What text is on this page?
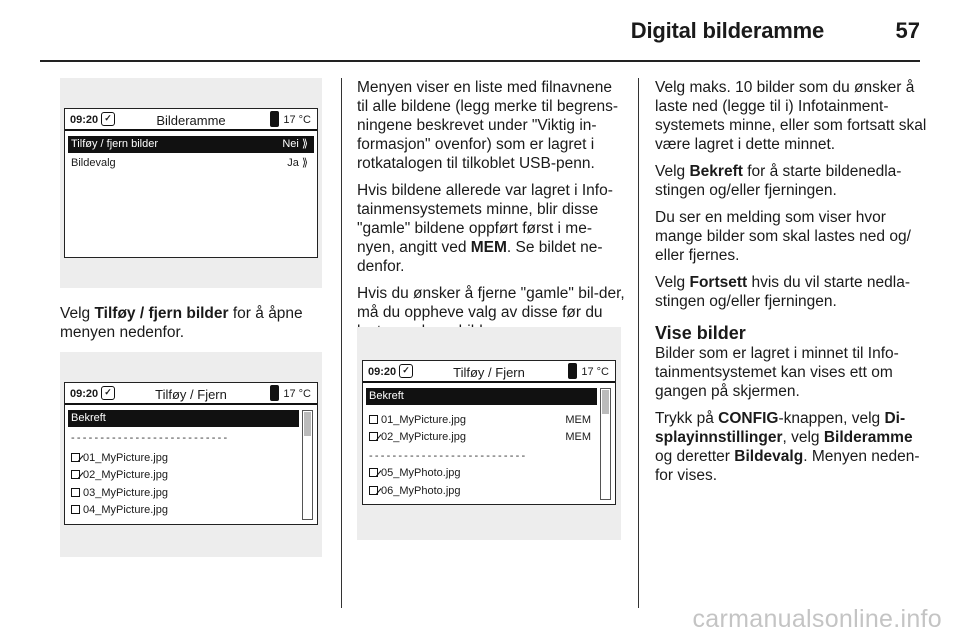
Digital bilderamme	57
09:20 ✓	Bilderamme	17 °C
Tilføy / fjern bilder	Nei ⟫
Bildevalg	Ja ⟫

Velg Tilføy / fjern bilder for å åpne menyen nedenfor.

09:20 ✓	Tilføy / Fjern	17 °C
Bekreft
---------------------------
01_MyPicture.jpg
02_MyPicture.jpg
03_MyPicture.jpg
04_MyPicture.jpg

Menyen viser en liste med filnavnene til alle bildene (legg merke til begrens-ningene beskrevet under "Viktig in-formasjon" ovenfor) som er lagret i rotkatalogen til tilkoblet USB-penn.

Hvis bildene allerede var lagret i Info-tainmensystemets minne, blir disse "gamle" bildene oppført først i me-nyen, angitt ved MEM. Se bildet ne-denfor.

Hvis du ønsker å fjerne "gamle" bil-der, må du oppheve valg av disse før du

09:20 ✓	Tilføy / Fjern	17 °C
Bekreft
01_MyPicture.jpg	MEM
02_MyPicture.jpg	MEM
---------------------------
05_MyPhoto.jpg
06_MyPhoto.jpg

Velg maks. 10 bilder som du ønsker å laste ned (legge til i) Infotainment-systemets minne, eller som fortsatt skal være lagret i dette minnet.

Velg Bekreft for å starte bildenedla-stingen og/eller fjerningen.

Du ser en melding som viser hvor mange bilder som skal lastes ned og/ eller fjernes.

Velg Fortsett hvis du vil starte nedla-stingen og/eller fjerningen.

Vise bilder

Bilder som er lagret i minnet til Info-tainmentsystemet kan vises ett om gangen på skjermen.

Trykk på CONFIG-knappen, velg Di-splayinnstillinger, velg Bilderamme og deretter Bildevalg. Menyen neden-for vises.

carmanualsonline.info
